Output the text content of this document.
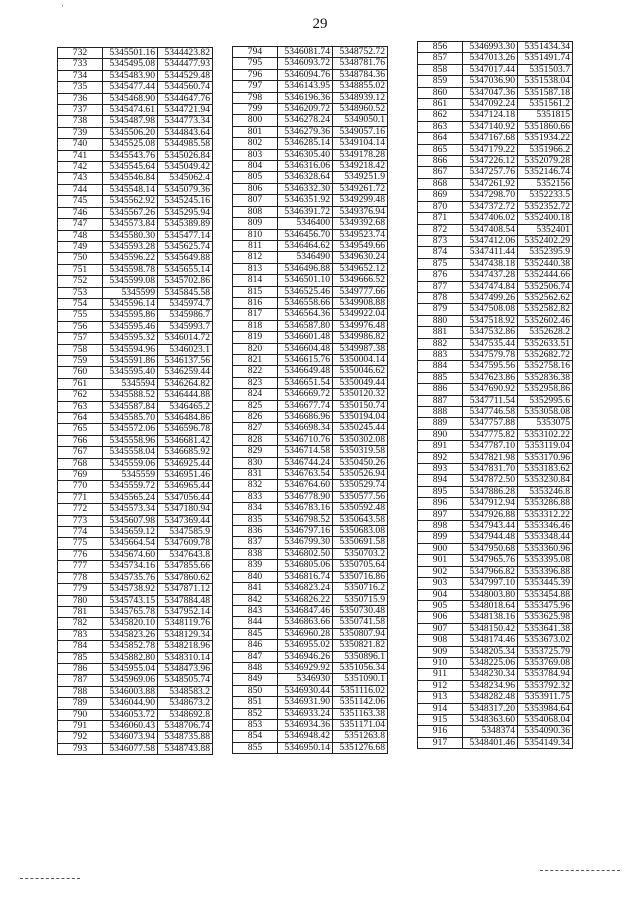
'
29
732	5345501.16	5344423.82
733	5345495.08	5344477.93
734	5345483.90	5344529.48
735	5345477.44	5344560.74
736	5345468.90	5344647.76
737	5345474.61	5344721.94
738	5345487.98	5344773.34
739	5345506.20	5344843.64
740	5345525.08	5344985.58
741	5345543.76	5345026.84
742	5345545.64	5345049.42
743	5345546.84	5345062.4
744	5345548.14	5345079.36
745	5345562.92	5345245.16
746	5345567.26	5345295.94
747	5345573.84	5345389.89
748	5345580.30	5345477.14
749	5345593.28	5345625.74
750	5345596.22	5345649.88
751	5345598.78	5345655.14
752	5345599.08	5345702.86
753	5345599	5345845.58
754	5345596.14	5345974.7
755	5345595.86	5345986.7
756	5345595.46	5345993.7
757	5345595.32	5346014.72
758	5345594.96	5346023.1
759	5345591.86	5346137.56
760	5345595.40	5346259.44
761	5345594	5346264.82
762	5345588.52	5346444.88
763	5345587.84	5346465.2
764	5345585.70	5346484.86
765	5345572.06	5346596.78
766	5345558.96	5346681.42
767	5345558.04	5346685.92
768	5345559.06	5346925.44
769	5345559	5346951.46
770	5345559.72	5346965.44
771	5345565.24	5347056.44
772	5345573.34	5347180.94
773	5345607.98	5347369.44
774	5345659.12	5347585.9
775	5345664.54	5347609.78
776	5345674.60	5347643.8
777	5345734.16	5347855.66
778	5345735.76	5347860.62
779	5345738.92	5347871.12
780	5345743.15	5347884.48
781	5345765.78	5347952.14
782	5345820.10	5348119.76
783	5345823.26	5348129.34
784	5345852.78	5348218.96
785	5345882.80	5348310.14
786	5345955.04	5348473.96
787	5345969.06	5348505.74
788	5346003.88	5348583.2
789	5346044.90	5348673.2
790	5346053.72	5348692.8
791	5346060.43	5348706.74
792	5346073.94	5348735.88
793	5346077.58	5348743.88
794	5346081.74	5348752.72
795	5346093.72	5348781.76
796	5346094.76	5348784.36
797	5346143.95	5348855.02
798	5346196.36	5348939.12
799	5346209.72	5348960.52
800	5346278.24	5349050.1
801	5346279.36	5349057.16
802	5346285.14	5349104.14
803	5346305.40	5349178.28
804	5346316.06	5349218.42
805	5346328.64	5349251.9
806	5346332.30	5349261.72
807	5346351.92	5349299.48
808	5346391.72	5349376.94
809	5346400	5349392.68
810	5346456.70	5349523.74
811	5346464.62	5349549.66
812	5346490	5349630.24
813	5346496.88	5349652.12
814	5346501.10	5349666.52
815	5346525.46	5349777.66
816	5346558.66	5349908.88
817	5346564.36	5349922.04
818	5346587.80	5349976.48
819	5346601.48	5349986.82
820	5346604.48	5349987.38
821	5346615.76	5350004.14
822	5346649.48	5350046.62
823	5346651.54	5350049.44
824	5346669.72	5350120.32
825	5346677.74	5350150.74
826	5346686.96	5350194.04
827	5346698.34	5350245.44
828	5346710.76	5350302.08
829	5346714.58	5350319.58
830	5346744.24	5350450.26
831	5346763.54	5350526.94
832	5346764.60	5350529.74
833	5346778.90	5350577.56
834	5346783.16	5350592.48
835	5346798.52	5350643.58
836	5346797.16	5350683.08
837	5346799.30	5350691.58
838	5346802.50	5350703.2
839	5346805.06	5350705.64
840	5346816.74	5350716.86
841	5346823.24	5350716.2
842	5346826.22	5350715.9
843	5346847.46	5350730.48
844	5346863.66	5350741.58
845	5346960.28	5350807.94
846	5346955.02	5350821.82
847	5346946.26	5350896.1
848	5346929.92	5351056.34
849	5346930	5351090.1
850	5346930.44	5351116.02
851	5346931.90	5351142.06
852	5346933.24	5351163.38
853	5346934.36	5351171.04
854	5346948.42	5351263.8
855	5346950.14	5351276.68
856	5346993.30	5351434.34
857	5347013.26	5351491.74
858	5347017.44	5351503.7
859	5347036.90	5351538.04
860	5347047.36	5351587.18
861	5347092.24	5351561.2
862	5347124.18	5351815
863	5347140.92	5351860.66
864	5347167.68	5351934.22
865	5347179.22	5351966.2
866	5347226.12	5352079.28
867	5347257.76	5352146.74
868	5347261.92	5352156
869	5347298.70	5352233.5
870	5347372.72	5352352.72
871	5347406.02	5352400.18
872	5347408.54	5352401
873	5347412.06	5352402.29
874	5347411.44	5352395.9
875	5347438.18	5352440.38
876	5347437.28	5352444.66
877	5347474.84	5352506.74
878	5347499.26	5352562.62
879	5347508.08	5352582.82
880	5347518.92	5352602.46
881	5347532.86	5352628.2
882	5347535.44	5352633.51
883	5347579.78	5352682.72
884	5347595.56	5352758.16
885	5347623.86	5352836.38
886	5347690.92	5352958.86
887	5347711.54	5352995.6
888	5347746.58	5353058.08
889	5347757.88	5353075
890	5347775.82	5353102.22
891	5347787.10	5353119.04
892	5347821.98	5353170.96
893	5347831.70	5353183.62
894	5347872.50	5353230.84
895	5347886.28	5353246.8
896	5347912.94	5353286.88
897	5347926.88	5353312.22
898	5347943.44	5353346.46
899	5347944.48	5353348.44
900	5347950.68	5353360.96
901	5347965.76	5353395.08
902	5347966.82	5353396.88
903	5347997.10	5353445.39
904	5348003.80	5353454.88
905	5348018.64	5353475.96
906	5348138.16	5353625.98
907	5348150.42	5353641.38
908	5348174.46	5353673.02
909	5348205.34	5353725.79
910	5348225.06	5353769.08
911	5348230.34	5353784.94
912	5348234.96	5353792.32
913	5348282.48	5353911.75
914	5348317.20	5353984.64
915	5348363.60	5354068.04
916	5348374	5354090.36
917	5348401.46	5354149.34
